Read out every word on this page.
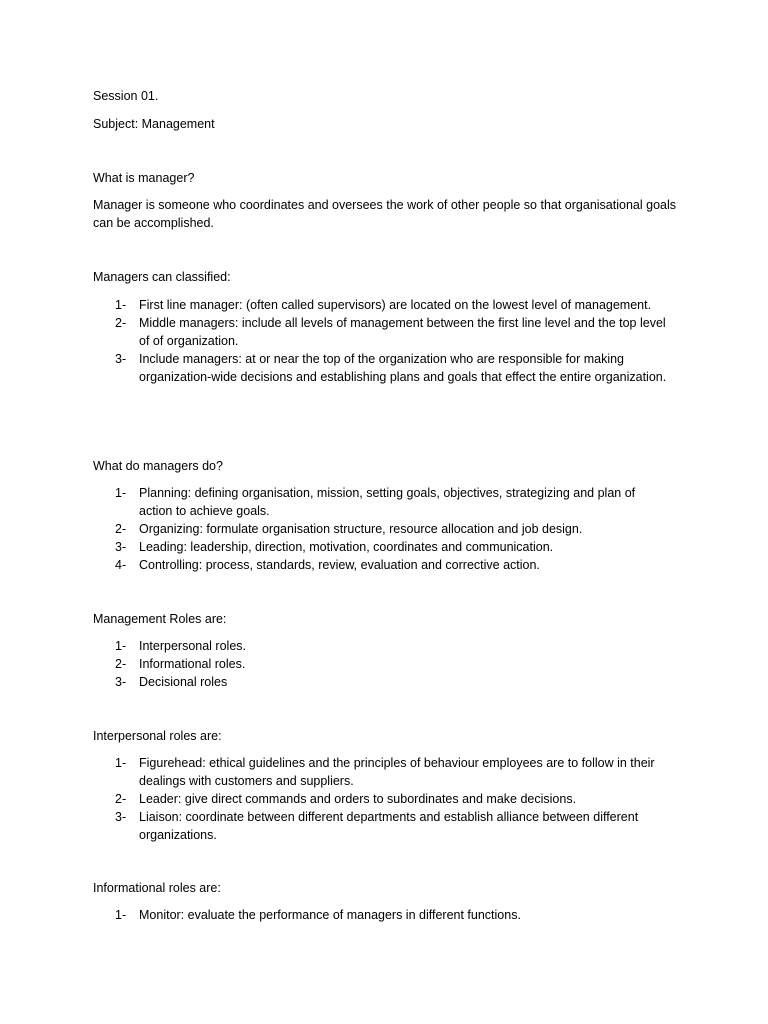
Session 01.
Subject: Management
What is manager?
Manager is someone who coordinates and oversees the work of other people so that organisational goals can be accomplished.
Managers can classified:
1- First line manager: (often called supervisors) are located on the lowest level of management.
2- Middle managers: include all levels of management between the first line level and the top level of of organization.
3- Include managers: at or near the top of the organization who are responsible for making organization-wide decisions and establishing plans and goals that effect the entire organization.
What do managers do?
1- Planning: defining organisation, mission, setting goals, objectives, strategizing and plan of action to achieve goals.
2- Organizing: formulate organisation structure, resource allocation and job design.
3- Leading: leadership, direction, motivation, coordinates and communication.
4- Controlling: process, standards, review, evaluation and corrective action.
Management Roles are:
1- Interpersonal roles.
2- Informational roles.
3- Decisional roles
Interpersonal roles are:
1- Figurehead: ethical guidelines and the principles of behaviour employees are to follow in their dealings with customers and suppliers.
2- Leader: give direct commands and orders to subordinates and make decisions.
3- Liaison: coordinate between different departments and establish alliance between different organizations.
Informational roles are:
1- Monitor: evaluate the performance of managers in different functions.
